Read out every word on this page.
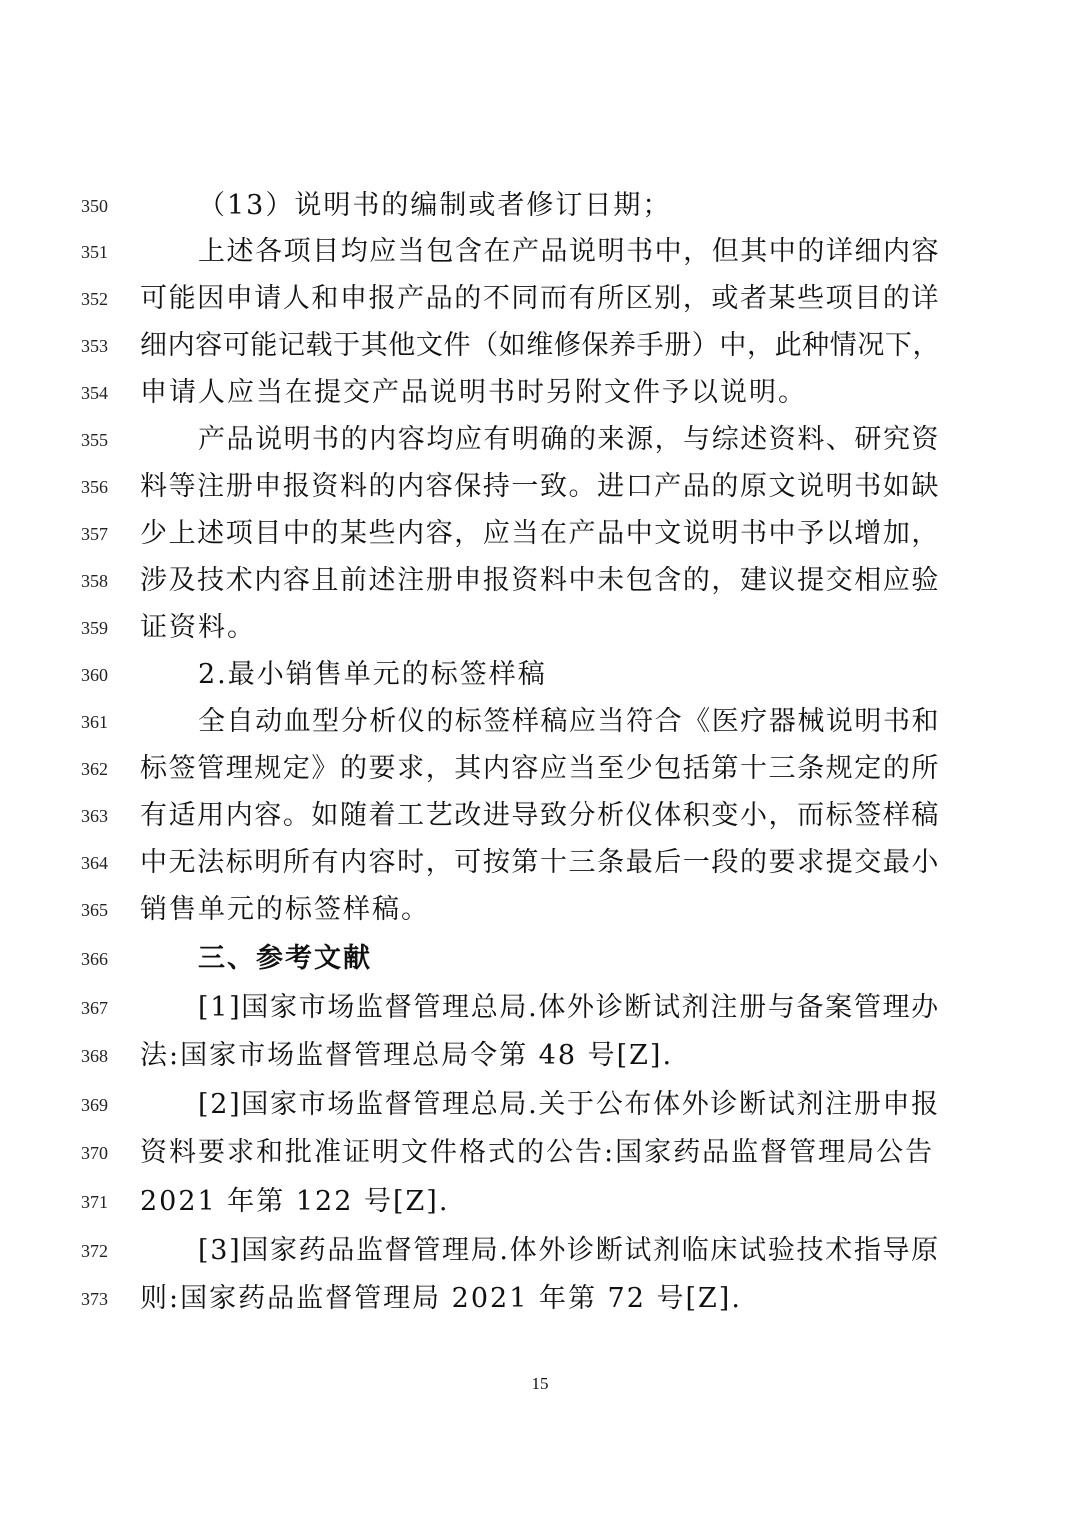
350	（13）说明书的编制或者修订日期；
351	上述各项目均应当包含在产品说明书中，但其中的详细内容
352 可能因申请人和申报产品的不同而有所区别，或者某些项目的详
353 细内容可能记载于其他文件（如维修保养手册）中，此种情况下，
354 申请人应当在提交产品说明书时另附文件予以说明。
355	产品说明书的内容均应有明确的来源，与综述资料、研究资
356 料等注册申报资料的内容保持一致。进口产品的原文说明书如缺
357 少上述项目中的某些内容，应当在产品中文说明书中予以增加，
358 涉及技术内容且前述注册申报资料中未包含的，建议提交相应验
359 证资料。
360	2.最小销售单元的标签样稿
361	全自动血型分析仪的标签样稿应当符合《医疗器械说明书和
362 标签管理规定》的要求，其内容应当至少包括第十三条规定的所
363 有适用内容。如随着工艺改进导致分析仪体积变小，而标签样稿
364 中无法标明所有内容时，可按第十三条最后一段的要求提交最小
365 销售单元的标签样稿。
366	三、参考文献
367	[1]国家市场监督管理总局.体外诊断试剂注册与备案管理办
368 法:国家市场监督管理总局令第 48 号[Z].
369	[2]国家市场监督管理总局.关于公布体外诊断试剂注册申报
370 资料要求和批准证明文件格式的公告:国家药品监督管理局公告
371 2021 年第 122 号[Z].
372	[3]国家药品监督管理局.体外诊断试剂临床试验技术指导原
373 则:国家药品监督管理局 2021 年第 72 号[Z].
15
